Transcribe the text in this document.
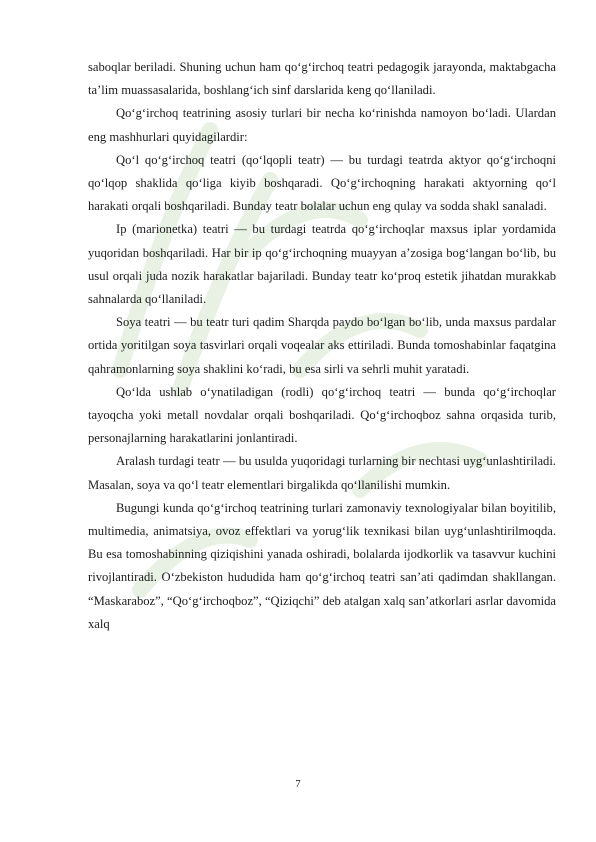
saboqlar beriladi. Shuning uchun ham qo‘g‘irchoq teatri pedagogik jarayonda, maktabgacha ta’lim muassasalarida, boshlang‘ich sinf darslarida keng qo‘llaniladi.

Qo‘g‘irchoq teatrining asosiy turlari bir necha ko‘rinishda namoyon bo‘ladi. Ulardan eng mashhurlari quyidagilardir:

Qo‘l qo‘g‘irchoq teatri (qo‘lqopli teatr) — bu turdagi teatrda aktyor qo‘g‘irchoqni qo‘lqop shaklida qo‘liga kiyib boshqaradi. Qo‘g‘irchoqning harakati aktyorning qo‘l harakati orqali boshqariladi. Bunday teatr bolalar uchun eng qulay va sodda shakl sanaladi.

Ip (marionetka) teatri — bu turdagi teatrda qo‘g‘irchoqlar maxsus iplar yordamida yuqoridan boshqariladi. Har bir ip qo‘g‘irchoqning muayyan a’zosiga bog‘langan bo‘lib, bu usul orqali juda nozik harakatlar bajariladi. Bunday teatr ko‘proq estetik jihatdan murakkab sahnalarda qo‘llaniladi.

Soya teatri — bu teatr turi qadim Sharqda paydo bo‘lgan bo‘lib, unda maxsus pardalar ortida yoritilgan soya tasvirlari orqali voqealar aks ettiriladi. Bunda tomoshabinlar faqatgina qahramonlarning soya shaklini ko‘radi, bu esa sirli va sehrli muhit yaratadi.

Qo‘lda ushlab o‘ynatiladigan (rodli) qo‘g‘irchoq teatri — bunda qo‘g‘irchoqlar tayoqcha yoki metall novdalar orqali boshqariladi. Qo‘g‘irchoqboz sahna orqasida turib, personajlarning harakatlarini jonlantiradi.

Aralash turdagi teatr — bu usulda yuqoridagi turlarning bir nechtasi uyg‘unlashtiriladi. Masalan, soya va qo‘l teatr elementlari birgalikda qo‘llanilishi mumkin.

Bugungi kunda qo‘g‘irchoq teatrining turlari zamonaviy texnologiyalar bilan boyitilib, multimedia, animatsiya, ovoz effektlari va yorug‘lik texnikasi bilan uyg‘unlashtirilmoqda. Bu esa tomoshabinning qiziqishini yanada oshiradi, bolalarda ijodkorlik va tasavvur kuchini rivojlantiradi. O‘zbekiston hududida ham qo‘g‘irchoq teatri san’ati qadimdan shakllangan. “Maskaraboz”, “Qo‘g‘irchoqboz”, “Qiziqchi” deb atalgan xalq san’atkorlari asrlar davomida xalq

7
